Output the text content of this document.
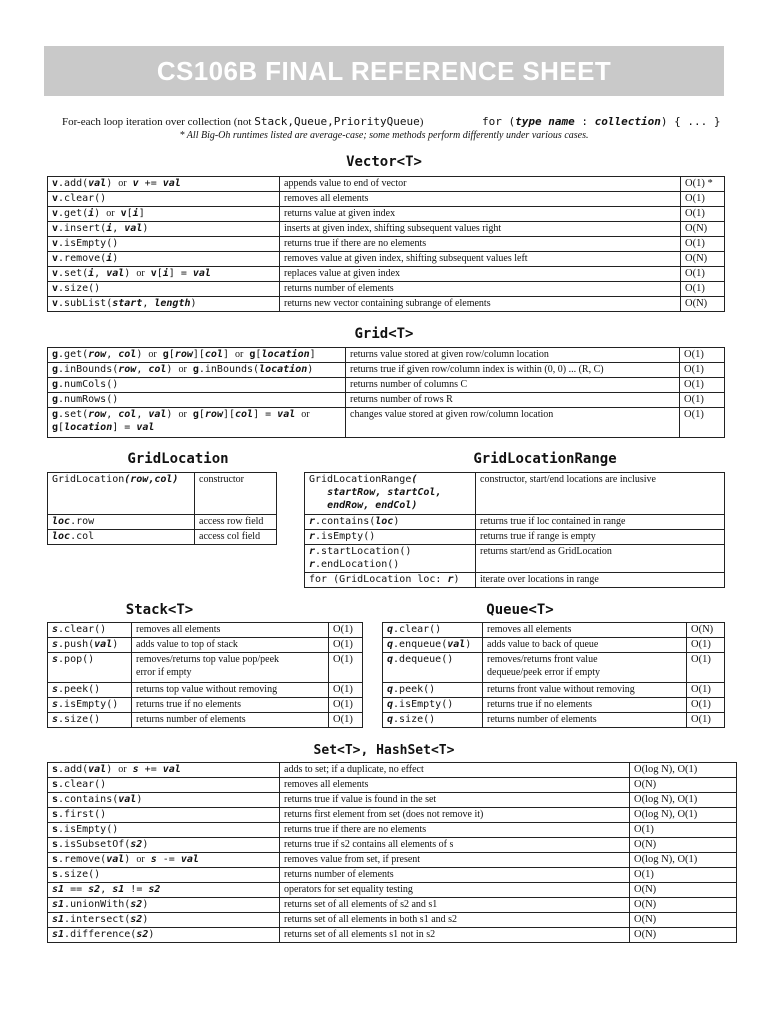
CS106B FINAL REFERENCE SHEET
For-each loop iteration over collection (not Stack,Queue,PriorityQueue)	for (type name : collection) { ... }
* All Big-Oh runtimes listed are average-case; some methods perform differently under various cases.
Vector<T>
v.add(val) or v += val	appends value to end of vector	O(1) *
v.clear()	removes all elements	O(1)
v.get(i) or v[i]	returns value at given index	O(1)
v.insert(i, val)	inserts at given index, shifting subsequent values right	O(N)
v.isEmpty()	returns true if there are no elements	O(1)
v.remove(i)	removes value at given index, shifting subsequent values left	O(N)
v.set(i, val) or v[i] = val	replaces value at given index	O(1)
v.size()	returns number of elements	O(1)
v.subList(start, length)	returns new vector containing subrange of elements	O(N)
Grid<T>
g.get(row, col) or g[row][col] or g[location]	returns value stored at given row/column location	O(1)
g.inBounds(row, col) or g.inBounds(location)	returns true if given row/column index is within (0, 0) ... (R, C)	O(1)
g.numCols()	returns number of columns C	O(1)
g.numRows()	returns number of rows R	O(1)
g.set(row, col, val) or g[row][col] = val or
g[location] = val	changes value stored at given row/column location	O(1)
GridLocation
GridLocation(row,col)	constructor
loc.row	access row field
loc.col	access col field
GridLocationRange
GridLocationRange(
startRow, startCol,
endRow, endCol)	constructor, start/end locations are inclusive
r.contains(loc)	returns true if loc contained in range
r.isEmpty()	returns true if range is empty
r.startLocation()
r.endLocation()	returns start/end as GridLocation
for (GridLocation loc: r)	iterate over locations in range
Stack<T>
s.clear()	removes all elements	O(1)
s.push(val)	adds value to top of stack	O(1)
s.pop()	removes/returns top value pop/peek error if empty	O(1)
s.peek()	returns top value without removing	O(1)
s.isEmpty()	returns true if no elements	O(1)
s.size()	returns number of elements	O(1)
Queue<T>
q.clear()	removes all elements	O(N)
q.enqueue(val)	adds value to back of queue	O(1)
q.dequeue()	removes/returns front value dequeue/peek error if empty	O(1)
q.peek()	returns front value without removing	O(1)
q.isEmpty()	returns true if no elements	O(1)
q.size()	returns number of elements	O(1)
Set<T>, HashSet<T>
s.add(val) or s += val	adds to set; if a duplicate, no effect	O(log N), O(1)
s.clear()	removes all elements	O(N)
s.contains(val)	returns true if value is found in the set	O(log N), O(1)
s.first()	returns first element from set (does not remove it)	O(log N), O(1)
s.isEmpty()	returns true if there are no elements	O(1)
s.isSubsetOf(s2)	returns true if s2 contains all elements of s	O(N)
s.remove(val) or s -= val	removes value from set, if present	O(log N), O(1)
s.size()	returns number of elements	O(1)
s1 == s2, s1 != s2	operators for set equality testing	O(N)
s1.unionWith(s2)	returns set of all elements of s2 and s1	O(N)
s1.intersect(s2)	returns set of all elements in both s1 and s2	O(N)
s1.difference(s2)	returns set of all elements s1 not in s2	O(N)
